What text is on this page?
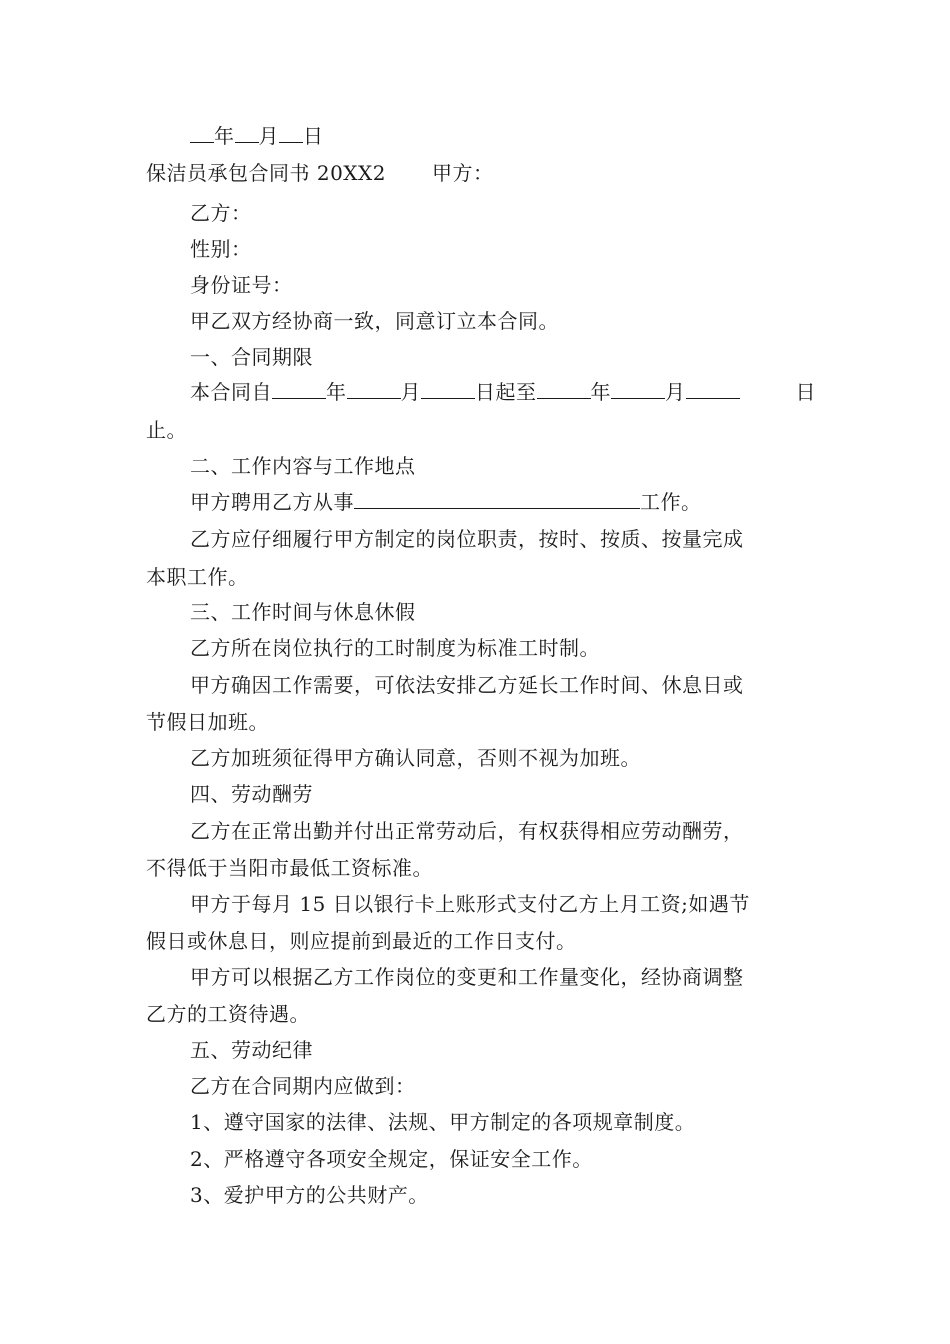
年 月 日
保洁员承包合同书 20XX2 甲方：
乙方：
性别：
身份证号：
甲乙双方经协商一致，同意订立本合同。
一、合同期限
本合同自	年	月	日起至	年	月	日
止。
二、工作内容与工作地点
甲方聘用乙方从事	工作。
乙方应仔细履行甲方制定的岗位职责，按时、按质、按量完成
本职工作。
三、工作时间与休息休假
乙方所在岗位执行的工时制度为标准工时制。
甲方确因工作需要，可依法安排乙方延长工作时间、休息日或
节假日加班。
乙方加班须征得甲方确认同意，否则不视为加班。
四、劳动酬劳
乙方在正常出勤并付出正常劳动后，有权获得相应劳动酬劳，
不得低于当阳市最低工资标准。
甲方于每月 15 日以银行卡上账形式支付乙方上月工资;如遇节
假日或休息日，则应提前到最近的工作日支付。
甲方可以根据乙方工作岗位的变更和工作量变化，经协商调整
乙方的工资待遇。
五、劳动纪律
乙方在合同期内应做到：
1、遵守国家的法律、法规、甲方制定的各项规章制度。
2、严格遵守各项安全规定，保证安全工作。
3、爱护甲方的公共财产。
